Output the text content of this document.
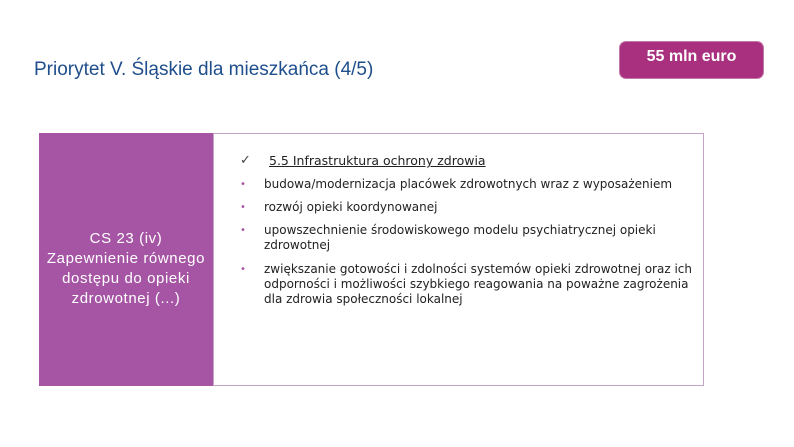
Priorytet V. Śląskie dla mieszkańca (4/5)
55 mln euro
CS 23 (iv) Zapewnienie równego dostępu do opieki zdrowotnej (...)
✓ 5.5 Infrastruktura ochrony zdrowia
•	budowa/modernizacja placówek zdrowotnych wraz z wyposażeniem
•	rozwój opieki koordynowanej
•	upowszechnienie środowiskowego modelu psychiatrycznej opieki zdrowotnej
•	zwiększanie gotowości i zdolności systemów opieki zdrowotnej oraz ich odporności i możliwości szybkiego reagowania na poważne zagrożenia dla zdrowia społeczności lokalnej
